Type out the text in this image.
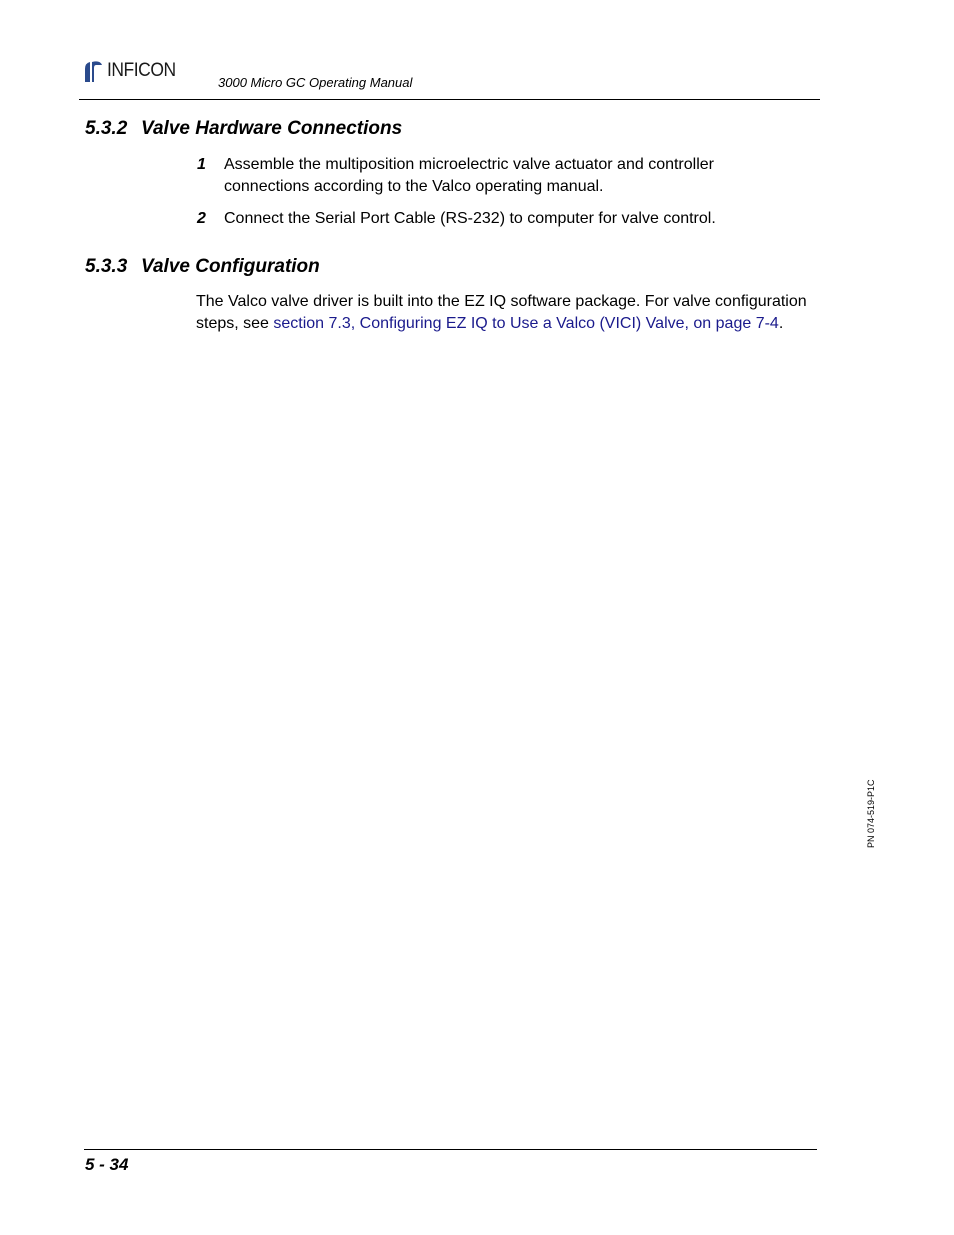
INFICON
3000 Micro GC Operating Manual
5.3.2 Valve Hardware Connections
1 Assemble the multiposition microelectric valve actuator and controller connections according to the Valco operating manual.
2 Connect the Serial Port Cable (RS-232) to computer for valve control.
5.3.3 Valve Configuration
The Valco valve driver is built into the EZ IQ software package. For valve configuration steps, see section 7.3, Configuring EZ IQ to Use a Valco (VICI) Valve, on page 7-4.
PN 074-519-P1C
5 - 34
